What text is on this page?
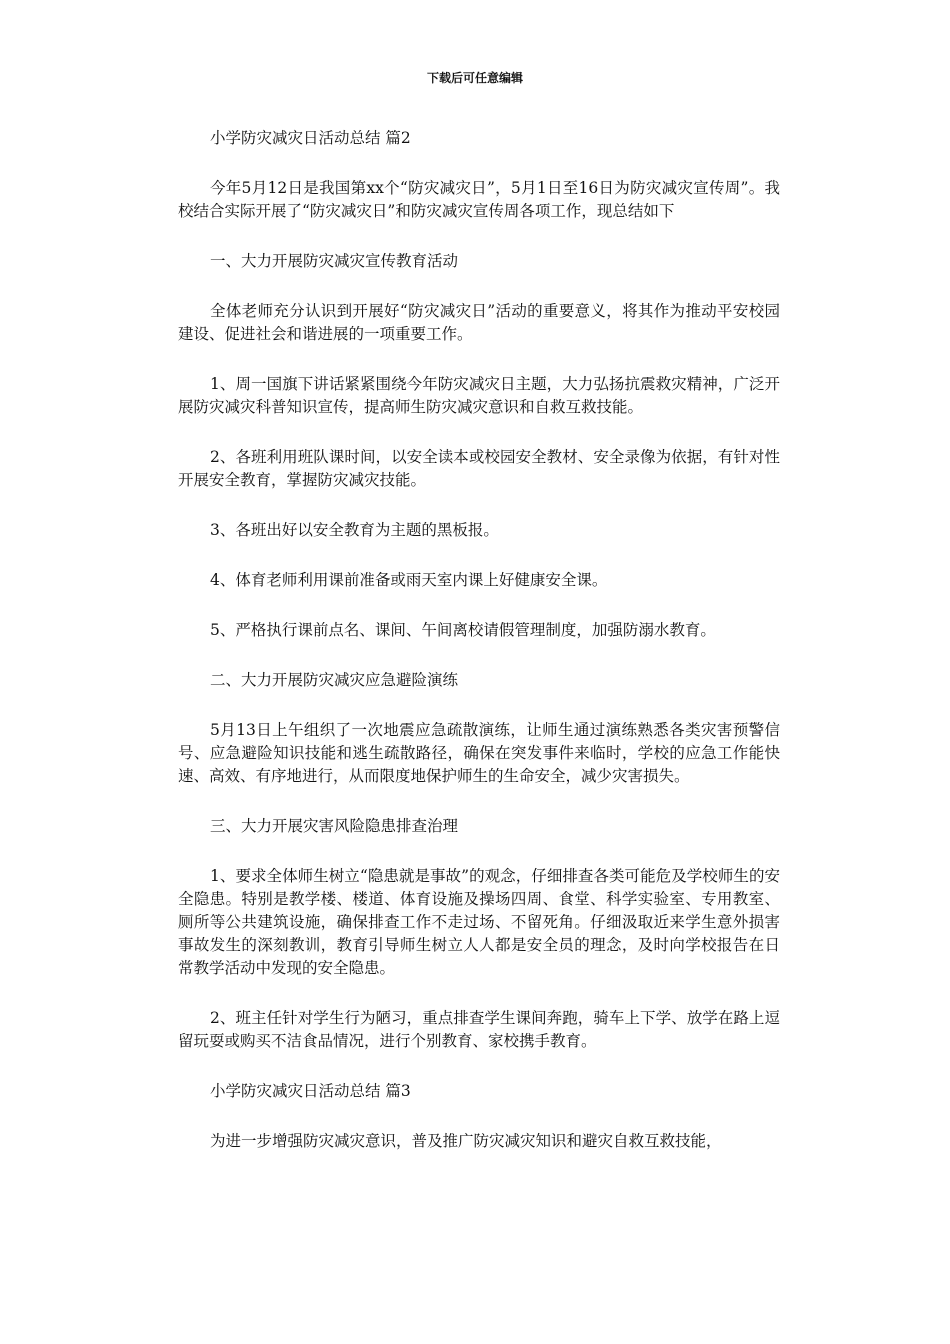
下载后可任意编辑

小学防灾减灾日活动总结 篇2

今年5月12日是我国第xx个“防灾减灾日”，5月1日至16日为防灾减灾宣传周”。我校结合实际开展了“防灾减灾日”和防灾减灾宣传周各项工作，现总结如下

一、大力开展防灾减灾宣传教育活动

全体老师充分认识到开展好“防灾减灾日”活动的重要意义，将其作为推动平安校园建设、促进社会和谐进展的一项重要工作。

1、周一国旗下讲话紧紧围绕今年防灾减灾日主题，大力弘扬抗震救灾精神，广泛开展防灾减灾科普知识宣传，提高师生防灾减灾意识和自救互救技能。

2、各班利用班队课时间，以安全读本或校园安全教材、安全录像为依据，有针对性开展安全教育，掌握防灾减灾技能。

3、各班出好以安全教育为主题的黑板报。

4、体育老师利用课前准备或雨天室内课上好健康安全课。

5、严格执行课前点名、课间、午间离校请假管理制度，加强防溺水教育。

二、大力开展防灾减灾应急避险演练

5月13日上午组织了一次地震应急疏散演练，让师生通过演练熟悉各类灾害预警信号、应急避险知识技能和逃生疏散路径，确保在突发事件来临时，学校的应急工作能快速、高效、有序地进行，从而限度地保护师生的生命安全，减少灾害损失。

三、大力开展灾害风险隐患排查治理

1、要求全体师生树立“隐患就是事故”的观念，仔细排查各类可能危及学校师生的安全隐患。特别是教学楼、楼道、体育设施及操场四周、食堂、科学实验室、专用教室、厕所等公共建筑设施，确保排查工作不走过场、不留死角。仔细汲取近来学生意外损害事故发生的深刻教训，教育引导师生树立人人都是安全员的理念，及时向学校报告在日常教学活动中发现的安全隐患。

2、班主任针对学生行为陋习，重点排查学生课间奔跑，骑车上下学、放学在路上逗留玩耍或购买不洁食品情况，进行个别教育、家校携手教育。

小学防灾减灾日活动总结 篇3

为进一步增强防灾减灾意识，普及推广防灾减灾知识和避灾自救互救技能，
